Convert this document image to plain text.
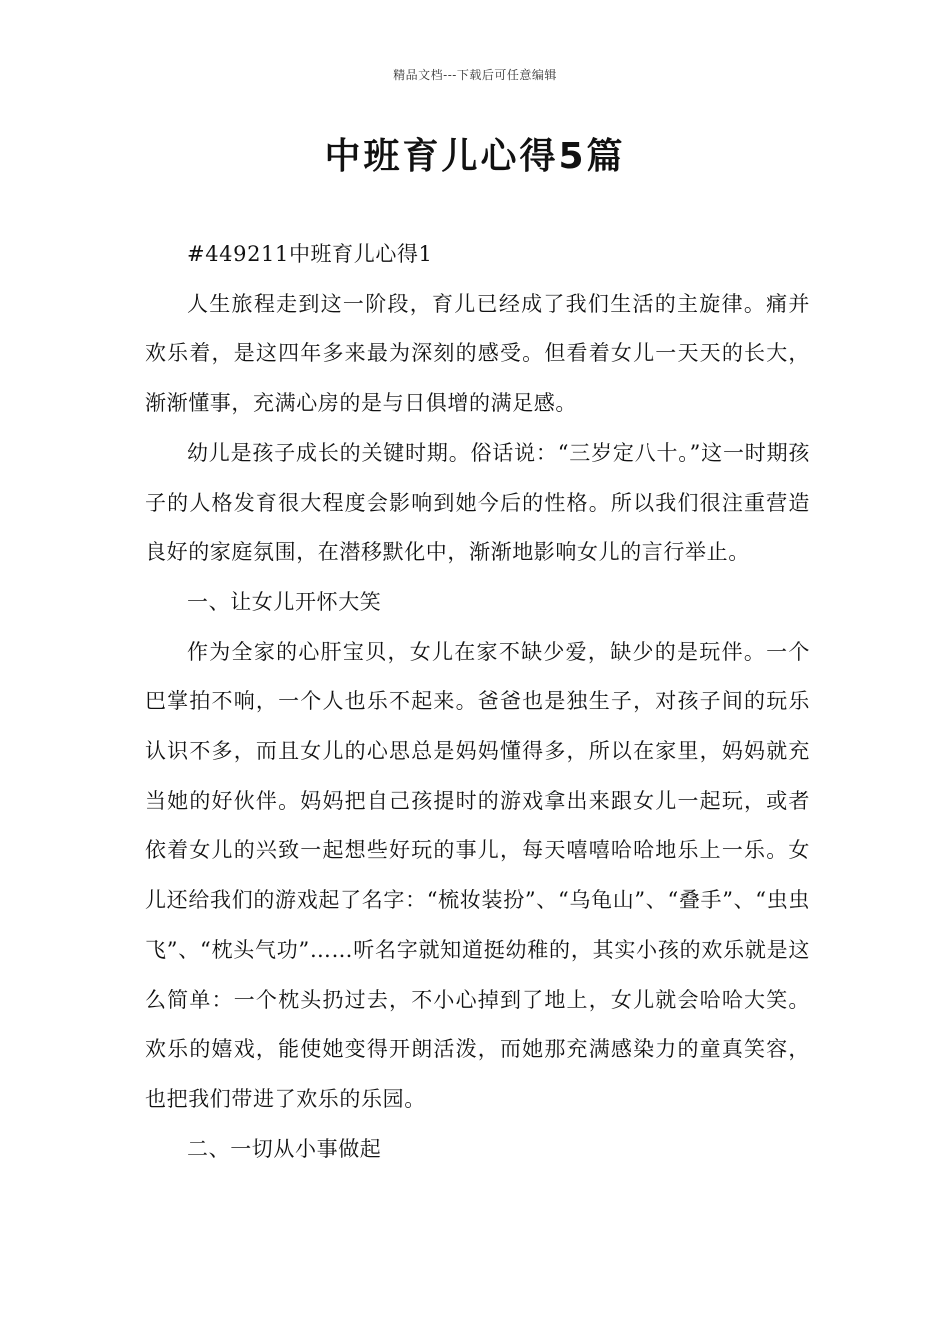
精品文档---下载后可任意编辑
中班育儿心得5篇

#449211中班育儿心得1

人生旅程走到这一阶段，育儿已经成了我们生活的主旋律。痛并欢乐着，是这四年多来最为深刻的感受。但看着女儿一天天的长大，渐渐懂事，充满心房的是与日俱增的满足感。

幼儿是孩子成长的关键时期。俗话说：“三岁定八十。”这一时期孩子的人格发育很大程度会影响到她今后的性格。所以我们很注重营造良好的家庭氛围，在潜移默化中，渐渐地影响女儿的言行举止。

一、让女儿开怀大笑

作为全家的心肝宝贝，女儿在家不缺少爱，缺少的是玩伴。一个巴掌拍不响，一个人也乐不起来。爸爸也是独生子，对孩子间的玩乐认识不多，而且女儿的心思总是妈妈懂得多，所以在家里，妈妈就充当她的好伙伴。妈妈把自己孩提时的游戏拿出来跟女儿一起玩，或者依着女儿的兴致一起想些好玩的事儿，每天嘻嘻哈哈地乐上一乐。女儿还给我们的游戏起了名字：“梳妆装扮”、“乌龟山”、“叠手”、“虫虫飞”、“枕头气功”……听名字就知道挺幼稚的，其实小孩的欢乐就是这么简单：一个枕头扔过去，不小心掉到了地上，女儿就会哈哈大笑。欢乐的嬉戏，能使她变得开朗活泼，而她那充满感染力的童真笑容，也把我们带进了欢乐的乐园。

二、一切从小事做起
